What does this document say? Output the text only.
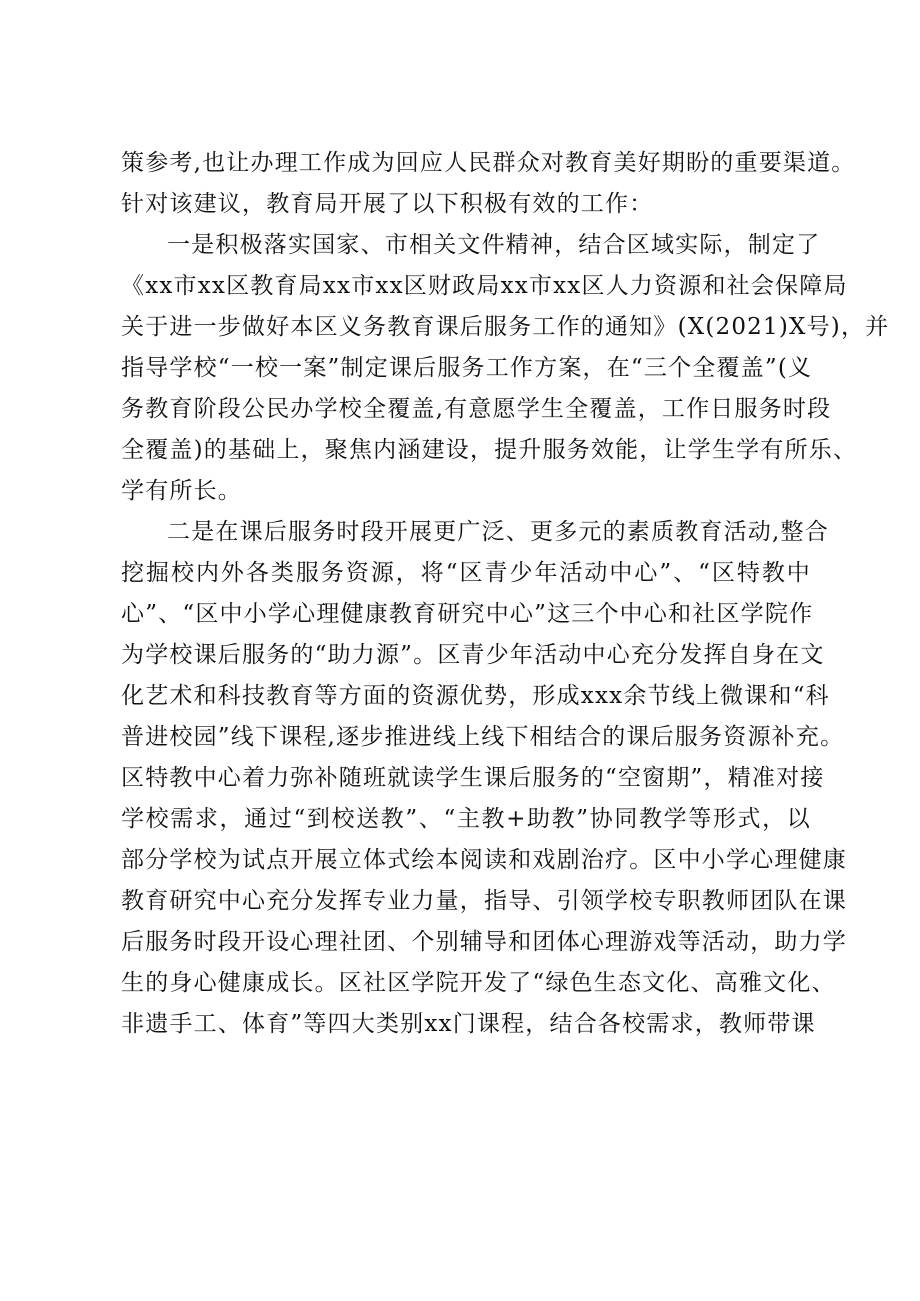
策参考,也让办理工作成为回应人民群众对教育美好期盼的重要渠道。
针对该建议，教育局开展了以下积极有效的工作：
一是积极落实国家、市相关文件精神，结合区域实际，制定了
《xx市xx区教育局xx市xx区财政局xx市xx区人力资源和社会保障局
关于进一步做好本区义务教育课后服务工作的通知》(X(2021)X号)，并
指导学校“一校一案”制定课后服务工作方案，在“三个全覆盖”(义
务教育阶段公民办学校全覆盖,有意愿学生全覆盖，工作日服务时段
全覆盖)的基础上，聚焦内涵建设，提升服务效能，让学生学有所乐、
学有所长。
二是在课后服务时段开展更广泛、更多元的素质教育活动,整合
挖掘校内外各类服务资源，将“区青少年活动中心”、“区特教中
心”、“区中小学心理健康教育研究中心”这三个中心和社区学院作
为学校课后服务的“助力源”。区青少年活动中心充分发挥自身在文
化艺术和科技教育等方面的资源优势，形成xxx余节线上微课和“科
普进校园”线下课程,逐步推进线上线下相结合的课后服务资源补充。
区特教中心着力弥补随班就读学生课后服务的“空窗期”，精准对接
学校需求，通过“到校送教”、“主教+助教”协同教学等形式，以
部分学校为试点开展立体式绘本阅读和戏剧治疗。区中小学心理健康
教育研究中心充分发挥专业力量，指导、引领学校专职教师团队在课
后服务时段开设心理社团、个别辅导和团体心理游戏等活动，助力学
生的身心健康成长。区社区学院开发了“绿色生态文化、高雅文化、
非遗手工、体育”等四大类别xx门课程，结合各校需求，教师带课
